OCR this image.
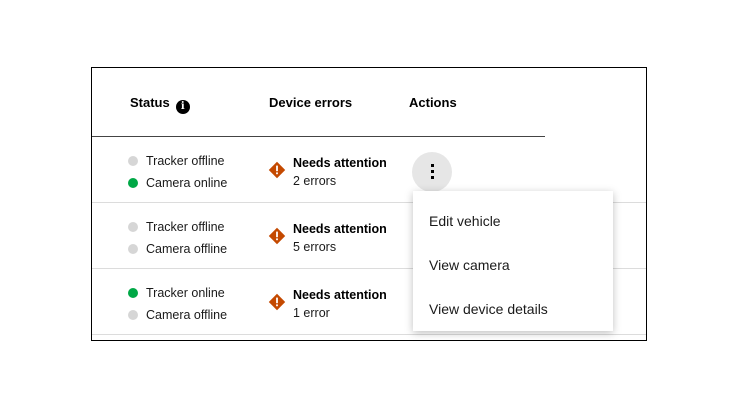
Status i	Device errors	Actions
Tracker offline
Camera online
Needs attention
2 errors
Tracker offline
Camera offline
Needs attention
5 errors
Tracker online
Camera offline
Needs attention
1 error
Edit vehicle
View camera
View device details
